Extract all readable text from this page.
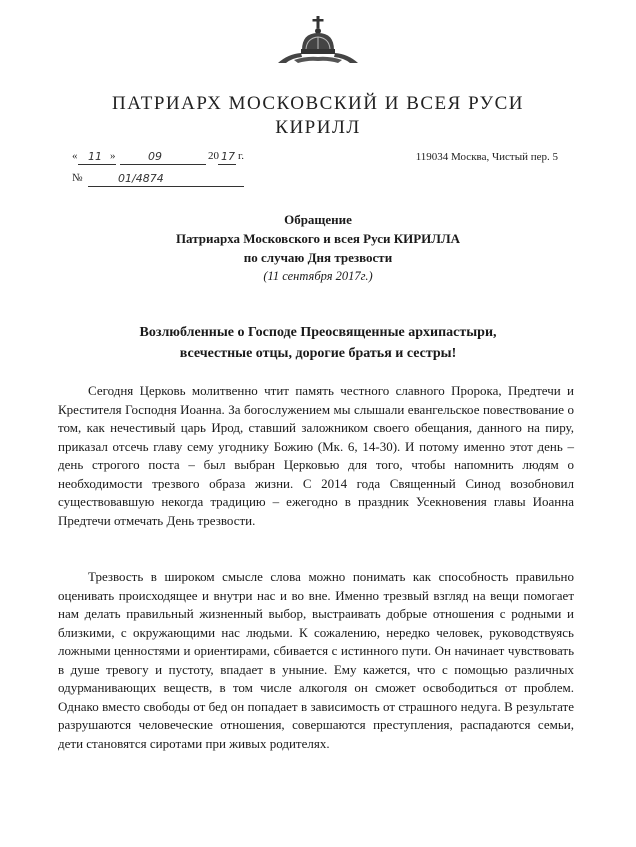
ПАТРИАРХ МОСКОВСКИЙ И ВСЕЯ РУСИ
КИРИЛЛ
« 11 »	09	20 17 г.
№	01/4874
119034 Москва, Чистый пер. 5
Обращение
Патриарха Московского и всея Руси КИРИЛЛА
по случаю Дня трезвости
(11 сентября 2017г.)
Возлюбленные о Господе Преосвященные архипастыри,
всечестные отцы, дорогие братья и сестры!
Сегодня Церковь молитвенно чтит память честного славного Пророка, Предтечи и Крестителя Господня Иоанна. За богослужением мы слышали евангельское повествование о том, как нечестивый царь Ирод, ставший заложником своего обещания, данного на пиру, приказал отсечь главу сему угоднику Божию (Мк. 6, 14-30). И потому именно этот день – день строгого поста – был выбран Церковью для того, чтобы напомнить людям о необходимости трезвого образа жизни. С 2014 года Священный Синод возобновил существовавшую некогда традицию – ежегодно в праздник Усекновения главы Иоанна Предтечи отмечать День трезвости.
Трезвость в широком смысле слова можно понимать как способность правильно оценивать происходящее и внутри нас и во вне. Именно трезвый взгляд на вещи помогает нам делать правильный жизненный выбор, выстраивать добрые отношения с родными и близкими, с окружающими нас людьми. К сожалению, нередко человек, руководствуясь ложными ценностями и ориентирами, сбивается с истинного пути. Он начинает чувствовать в душе тревогу и пустоту, впадает в уныние. Ему кажется, что с помощью различных одурманивающих веществ, в том числе алкоголя он сможет освободиться от проблем. Однако вместо свободы от бед он попадает в зависимость от страшного недуга. В результате разрушаются человеческие отношения, совершаются преступления, распадаются семьи, дети становятся сиротами при живых родителях.
